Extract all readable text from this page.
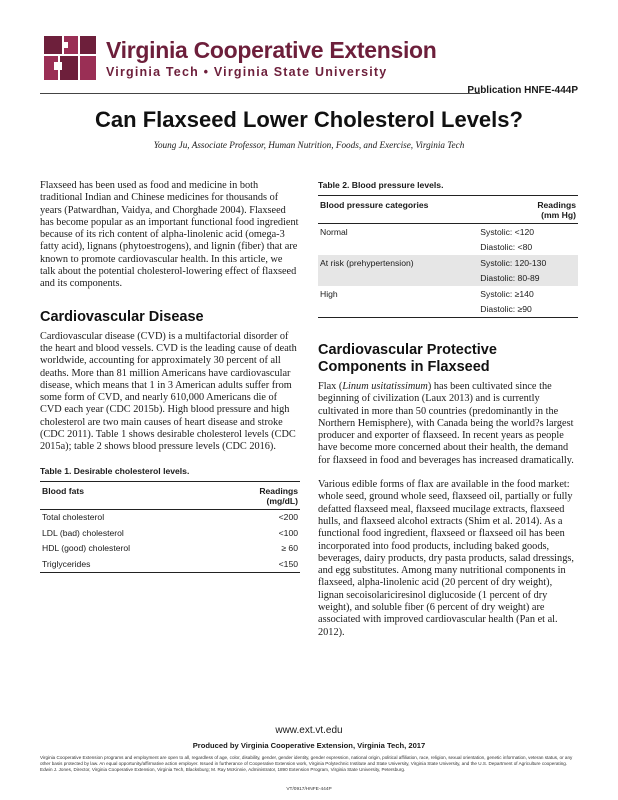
Virginia Cooperative Extension
Virginia Tech • Virginia State University
Publication HNFE-444P
Can Flaxseed Lower Cholesterol Levels?
Young Ju, Associate Professor, Human Nutrition, Foods, and Exercise, Virginia Tech

Flaxseed has been used as food and medicine in both traditional Indian and Chinese medicines for thousands of years (Patwardhan, Vaidya, and Chorghade 2004). Flaxseed has become popular as an important functional food ingredient because of its rich content of alpha-linolenic acid (omega-3 fatty acid), lignans (phytoestrogens), and lignin (fiber) that are known to promote cardiovascular health. In this article, we talk about the potential cholesterol-lowering effect of flaxseed and its components.

Cardiovascular Disease

Cardiovascular disease (CVD) is a multifactorial disorder of the heart and blood vessels. CVD is the leading cause of death worldwide, accounting for approximately 30 percent of all deaths. More than 81 million Americans have cardiovascular disease, which means that 1 in 3 American adults suffer from some form of CVD, and nearly 610,000 Americans die of CVD each year (CDC 2015b). High blood pressure and high cholesterol are two main causes of heart disease and stroke (CDC 2011). Table 1 shows desirable cholesterol levels (CDC 2015a); table 2 shows blood pressure levels (CDC 2016).

Table 1. Desirable cholesterol levels.

Blood fats	Readings
(mg/dL)
Total cholesterol	<200
LDL (bad) cholesterol	<100
HDL (good) cholesterol	≥ 60
Triglycerides	<150

Table 2. Blood pressure levels.

Blood pressure categories	Readings
(mm Hg)
Normal	Systolic: <120
	Diastolic: <80
At risk (prehypertension)	Systolic: 120-130
	Diastolic: 80-89
High	Systolic: ≥140
	Diastolic: ≥90
Cardiovascular Protective
Components in Flaxseed

Flax (Linum usitatissimum) has been cultivated since the beginning of civilization (Laux 2013) and is currently cultivated in more than 50 countries (predominantly in the Northern Hemisphere), with Canada being the world?s largest producer and exporter of flaxseed. In recent years as people have become more concerned about their health, the demand for flaxseed in food and beverages has increased dramatically.

Various edible forms of flax are available in the food market: whole seed, ground whole seed, flaxseed oil, partially or fully defatted flaxseed meal, flaxseed mucilage extracts, flaxseed hulls, and flaxseed alcohol extracts (Shim et al. 2014). As a functional food ingredient, flaxseed or flaxseed oil has been incorporated into food products, including baked goods, beverages, dairy products, dry pasta products, salad dressings, and egg substitutes. Among many nutritional components in flaxseed, alpha-linolenic acid (20 percent of dry weight), lignan secoisolariciresinol diglucoside (1 percent of dry weight), and soluble fiber (6 percent of dry weight) are associated with improved cardiovascular health (Pan et al. 2012).

www.ext.vt.edu
Produced by Virginia Cooperative Extension, Virginia Tech, 2017
Virginia Cooperative Extension programs and employment are open to all, regardless of age, color, disability, gender, gender identity, gender expression, national origin, political affiliation, race, religion, sexual orientation, genetic information, veteran status, or any other basis protected by law. An equal opportunity/affirmative action employer. Issued in furtherance of Cooperative Extension work, Virginia Polytechnic Institute and State University, Virginia State University, and the U.S. Department of Agriculture cooperating. Edwin J. Jones, Director, Virginia Cooperative Extension, Virginia Tech, Blacksburg; M. Ray McKinnie, Administrator, 1890 Extension Program, Virginia State University, Petersburg.
VT/0917/HNFE-444P
